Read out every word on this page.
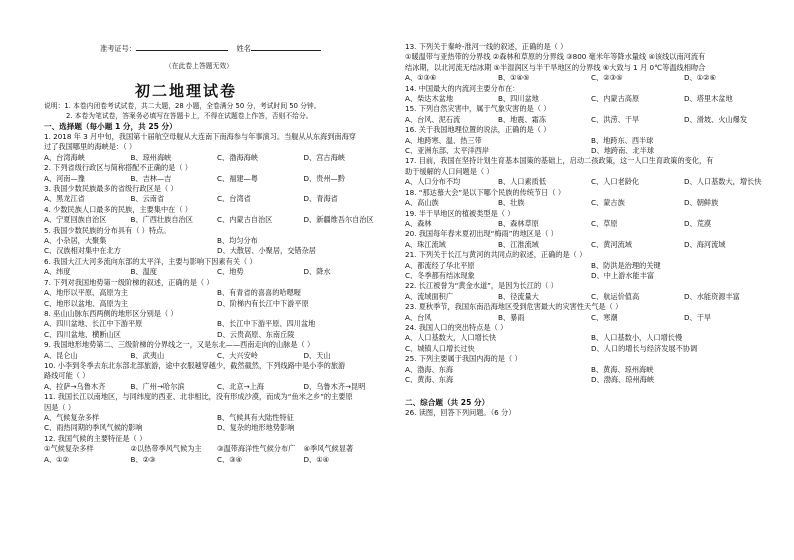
准考证号：	姓名
（在此卷上答题无效）
初二地理试卷
说明：1. 本卷内闭卷考试试卷，共二大题，28 小题，全卷满分 50 分，考试时间 50 分钟。
2. 本卷为笔试卷，答案务必填写在答题卡上，不得在试题卷上作答，否则不给分。
一、选择题（每小题 1 分，共 25 分）
1. 2018 年 3 月中旬，我国第十届航空母舰从大连南下南海参与年事演习。当舰从从东海到南海穿
过了我国哪里的海峡是：（ ）
A、台湾海峡	B、琼州海峡	C、渤海海峡	D、宫古海峡
2. 下列省级行政区与简称搭配不正确的是（ ）
A、河南—豫	B、吉林—吉	C、福建—粤	D、贵州—黔
3. 我国少数民族最多的省级行政区是（ ）
A、黑龙江省	B、云南省	C、台湾省	D、青海省
4. 少数民族人口最多的民族，主要集中在（ ）
A、宁夏回族自治区	B、广西壮族自治区	C、内蒙古自治区	D、新疆维吾尔自治区
5. 我国少数民族的分布具有（ ）特点。
A、小杂居，大聚集	B、均匀分布
C、汉族相对集中在北方	D、大散居、小聚居，交错杂居
6. 我国大江大河多流向东部的太平洋，主要与影响下因素有关（ ）
A、纬度	B、温度	C、地势	D、降水
7. 下列对我国地势第一级阶梯的叙述，正确的是（ ）
A、地形以平原、高原为主	B、有青省的喜喜的哈嗯喔
C、地形以盆地、高原为主	D、阶梯内有长江中下游平原
8. 巫山山脉东西两侧的地形区分别是（ ）
A、四川盆地、长江中下游平原	B、长江中下游平原、四川盆地
C、四川盆地、横断山区	D、云贵高原、东南丘陵
9. 我国地形地势第二、三级阶梯的分界线之一，又是东北——西南走向的山脉是（ ）
A、昆仑山	B、武夷山	C、大兴安岭	D、天山
10. 小李到冬季去东北东部北部旅游，途中衣服越穿越少，截然截然，下列线路中是小李的旅游
路线可能（ ）
A、拉萨→乌鲁木齐	B、广州→哈尔滨	C、北京→上海	D、乌鲁木齐→昆明
11. 我国长江以南地区，与同纬度的西亚、北非相比，没有形成沙漠，而成为“鱼米之乡”的主要原
因是（ ）
A、气候复杂多样	B、气候具有大陆性特征
C、雨热同期的季风气候的影响	D、复杂的地形地势影响
12. 我国气候的主要特征是（ ）
①气候复杂多样	②以热带季风气候为主	③温带海洋性气候分布广	④季风气候显著
A、①②	B、②③	C、③④	D、①④
13. 下列关于秦岭-淮河一线的叙述，正确的是（ ）
①暖温带与亚热带的分界线 ②森林和草原的分界线 ③800 毫米年等降水量线 ④该线以南河流有
结冰期，以北河流无结冰期 ⑤半湿润区与半干旱地区的分界线 ⑥大致与 1 月 0℃等温线相吻合
A、①③⑥	B、①④⑤	C、②③⑤	D、①②⑥
14. 中国最大的内流河主要分布在：
A、柴达木盆地	B、四川盆地	C、内蒙古高原	D、塔里木盆地
15. 下列自然灾害中，属于气象灾害的是（ ）
A、台风、泥石流	B、地震、霜冻	C、洪涝、干旱	D、滑坡、火山爆发
16. 关于我国地理位置的说法，正确的是（ ）
A、地跨寒、温、热三带	B、地跨东、西半球
C、亚洲东部、太平洋西岸	D、地跨南、北半球
17. 目前，我国在坚持计划生育基本国策的基础上，启动二孩政策，这一人口生育政策的变化，有
助于缓解的人口问题是（ ）
A、人口分布不均	B、人口素质低	C、人口老龄化	D、人口基数大，增长快
18. “那达慕大会”是以下哪个民族的传统节日（ ）
A、高山族	B、壮族	C、蒙古族	D、朝鲜族
19. 半干旱地区的植被类型是（ ）
A、森林	B、森林草原	C、草原	D、荒漠
20. 我国每年春末夏初出现“梅雨”的地区是（ ）
A、珠江流域	B、江淮流域	C、黄河流域	D、海河流域
21. 下列关于长江与黄河的共同点的叙述，正确的是（ ）
A、都流经了华北平原	B、防洪是治理的关键
C、冬季都有结冰现象	D、中上游水能丰富
22. 长江被誉为“黄金水道”，是因为长江的（ ）
A、流域面积广	B、径流量大	C、航运价值高	D、水能资源丰富
23. 夏秋季节，我国东南沿海地区受到危害最大的灾害性天气是（ ）
A、台风	B、暴雨	C、寒潮	D、干旱
24. 我国人口的突出特点是（ ）
A、人口基数大，人口增长快	B、人口基数小，人口增长慢
C、城镇人口增长过快	D、人口的增长与经济发展不协调
25. 下列主要属于我国内海的是（ ）
A、渤海、东海	B、黄海、琼州海峡
C、黄海、东海	D、渤海、琼州海峡
二、综合题（共 25 分）
26. 读图，回答下列问题。（6 分）
